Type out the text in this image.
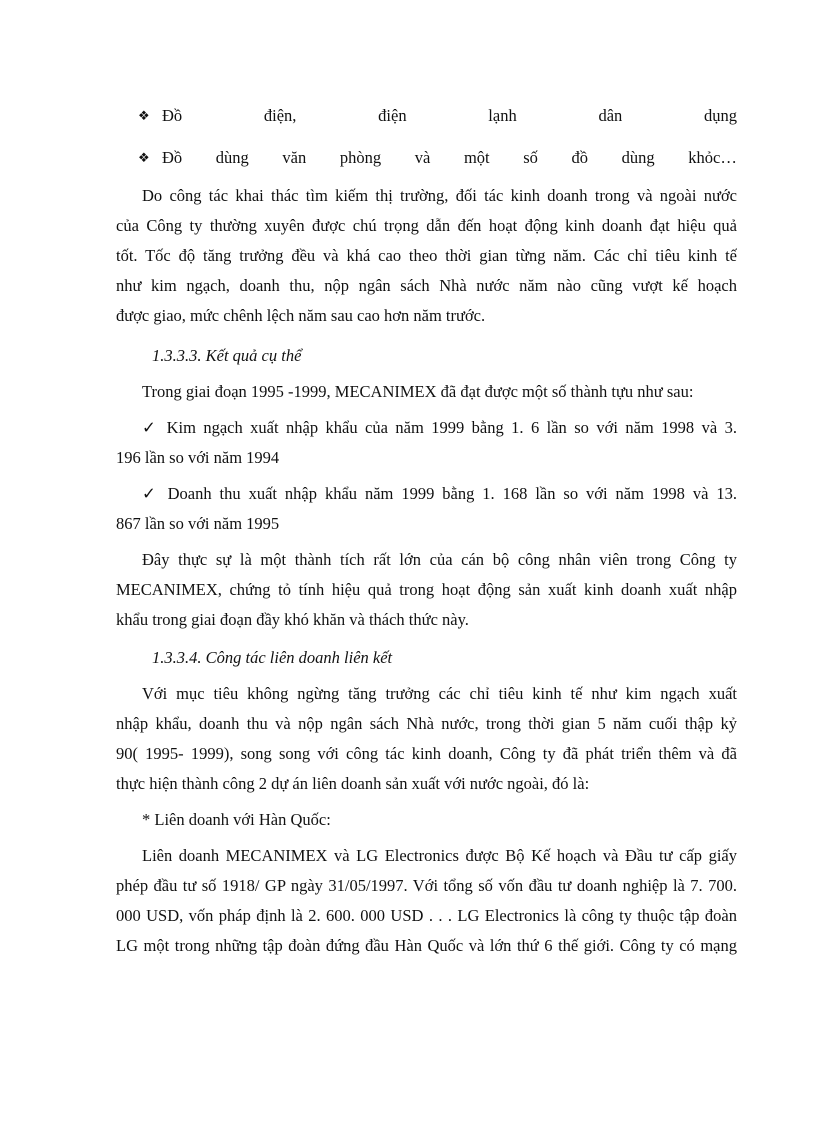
❖ Đồ	điện,	điện	lạnh	dân	dụng
❖ Đồ dùng văn phòng và một số đồ dùng khỏc…
Do công tác khai thác tìm kiếm thị trường, đối tác kinh doanh trong và ngoài nước
của Công ty thường xuyên được chú trọng dẫn đến hoạt động kinh doanh đạt hiệu quả
tốt. Tốc độ tăng trưởng đều và khá cao theo thời gian từng năm. Các chỉ tiêu kinh tế
như kim ngạch, doanh thu, nộp ngân sách Nhà nước năm nào cũng vượt kế hoạch
được giao, mức chênh lệch năm sau cao hơn năm trước.
1.3.3.3. Kết quả cụ thể
Trong giai đoạn 1995 -1999, MECANIMEX đã đạt được một số thành tựu như sau:
✓ Kim ngạch xuất nhập khẩu của năm 1999 bằng 1. 6 lần so với năm 1998 và 3.
196 lần so với năm 1994
✓ Doanh thu xuất nhập khẩu năm 1999 bằng 1. 168 lần so với năm 1998 và 13.
867 lần so với năm 1995
Đây thực sự là một thành tích rất lớn của cán bộ công nhân viên trong Công ty
MECANIMEX, chứng tỏ tính hiệu quả trong hoạt động sản xuất kinh doanh xuất nhập
khẩu trong giai đoạn đầy khó khăn và thách thức này.
1.3.3.4. Công tác liên doanh liên kết
Với mục tiêu không ngừng tăng trưởng các chỉ tiêu kinh tế như kim ngạch xuất
nhập khẩu, doanh thu và nộp ngân sách Nhà nước, trong thời gian 5 năm cuối thập kỷ
90( 1995- 1999), song song với công tác kinh doanh, Công ty đã phát triển thêm và đã
thực hiện thành công 2 dự án liên doanh sản xuất với nước ngoài, đó là:
* Liên doanh với Hàn Quốc:
Liên doanh MECANIMEX và LG Electronics được Bộ Kế hoạch và Đầu tư cấp giấy
phép đầu tư số 1918/ GP ngày 31/05/1997. Với tổng số vốn đầu tư doanh nghiệp là 7. 700.
000 USD, vốn pháp định là 2. 600. 000 USD . . . LG Electronics là công ty thuộc tập đoàn
LG một trong những tập đoàn đứng đầu Hàn Quốc và lớn thứ 6 thế giới. Công ty có mạng
